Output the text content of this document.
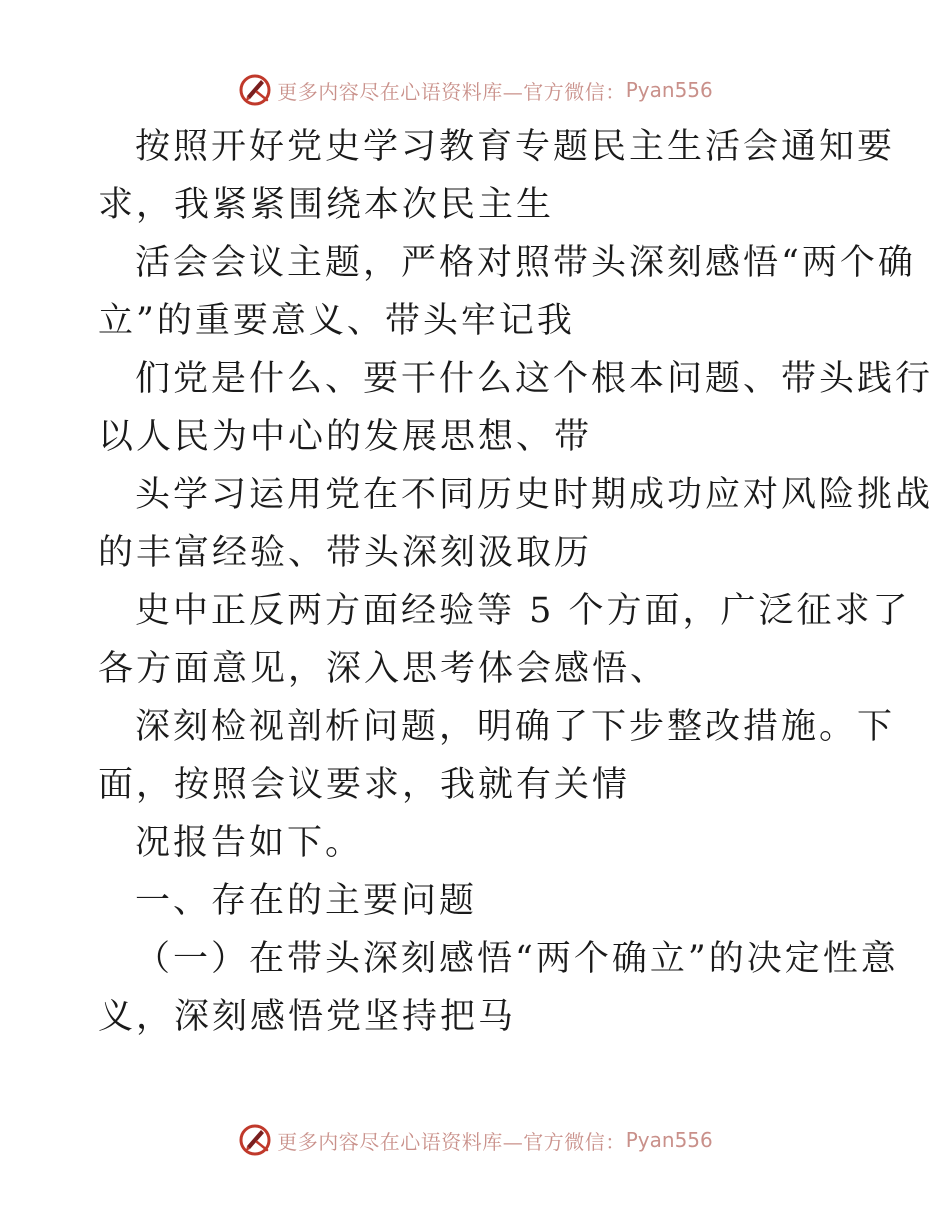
更多内容尽在心语资料库—官方微信： Pyan556
按照开好党史学习教育专题民主生活会通知要
求，我紧紧围绕本次民主生
活会会议主题，严格对照带头深刻感悟“两个确
立”的重要意义、带头牢记我
们党是什么、要干什么这个根本问题、带头践行
以人民为中心的发展思想、带
头学习运用党在不同历史时期成功应对风险挑战
的丰富经验、带头深刻汲取历
史中正反两方面经验等 5 个方面，广泛征求了
各方面意见，深入思考体会感悟、
深刻检视剖析问题，明确了下步整改措施。下
面，按照会议要求，我就有关情
况报告如下。
一、存在的主要问题
（一）在带头深刻感悟“两个确立”的决定性意
义，深刻感悟党坚持把马
更多内容尽在心语资料库—官方微信： Pyan556
